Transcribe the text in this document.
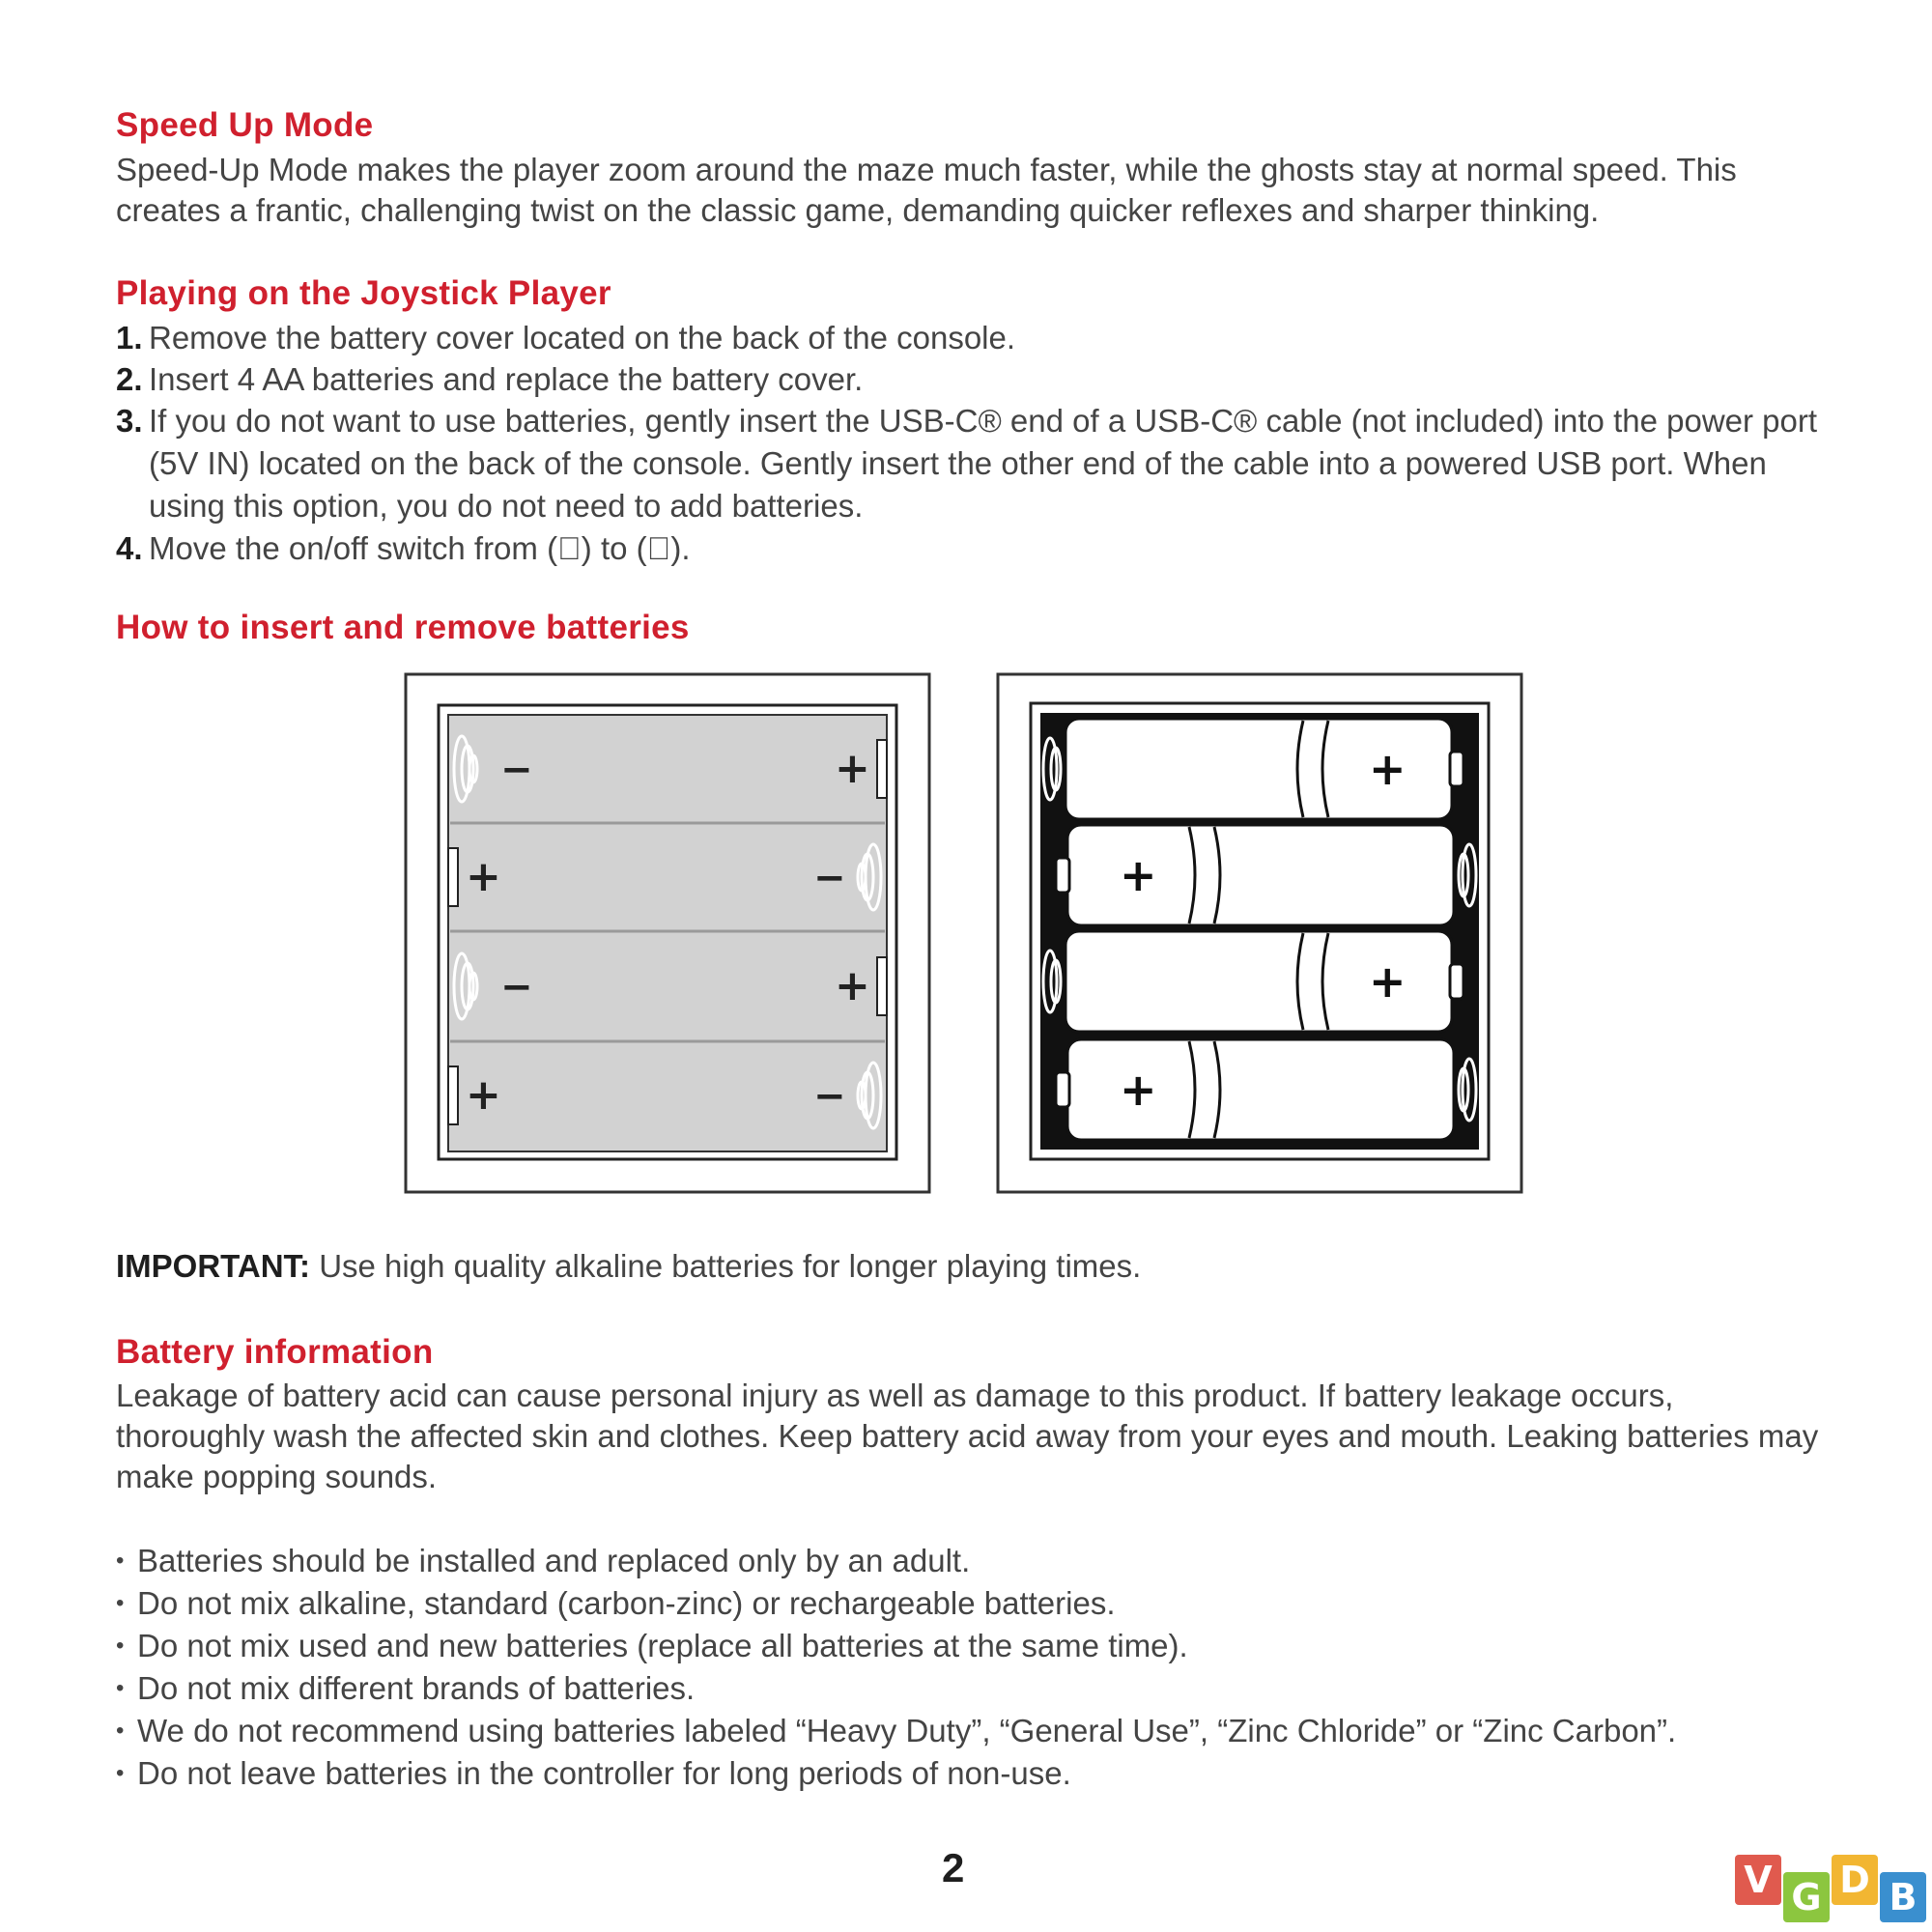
Speed Up Mode
Speed-Up Mode makes the player zoom around the maze much faster, while the ghosts stay at normal speed. This creates a frantic, challenging twist on the classic game, demanding quicker reflexes and sharper thinking.
Playing on the Joystick Player
1. Remove the battery cover located on the back of the console.
2. Insert 4 AA batteries and replace the battery cover.
3. If you do not want to use batteries, gently insert the USB-C® end of a USB-C® cable (not included) into the power port (5V IN) located on the back of the console. Gently insert the other end of the cable into a powered USB port. When using this option, you do not need to add batteries.
4. Move the on/off switch from (⃠) to (⏻).
How to insert and remove batteries
IMPORTANT: Use high quality alkaline batteries for longer playing times.
Battery information
Leakage of battery acid can cause personal injury as well as damage to this product. If battery leakage occurs, thoroughly wash the affected skin and clothes. Keep battery acid away from your eyes and mouth. Leaking batteries may make popping sounds.
• Batteries should be installed and replaced only by an adult.
• Do not mix alkaline, standard (carbon-zinc) or rechargeable batteries.
• Do not mix used and new batteries (replace all batteries at the same time).
• Do not mix different brands of batteries.
• We do not recommend using batteries labeled “Heavy Duty”, “General Use”, “Zinc Chloride” or “Zinc Carbon”.
• Do not leave batteries in the controller for long periods of non-use.
−	+
+	−
−	+
+	−
+
+
+
+
2	V G D B
